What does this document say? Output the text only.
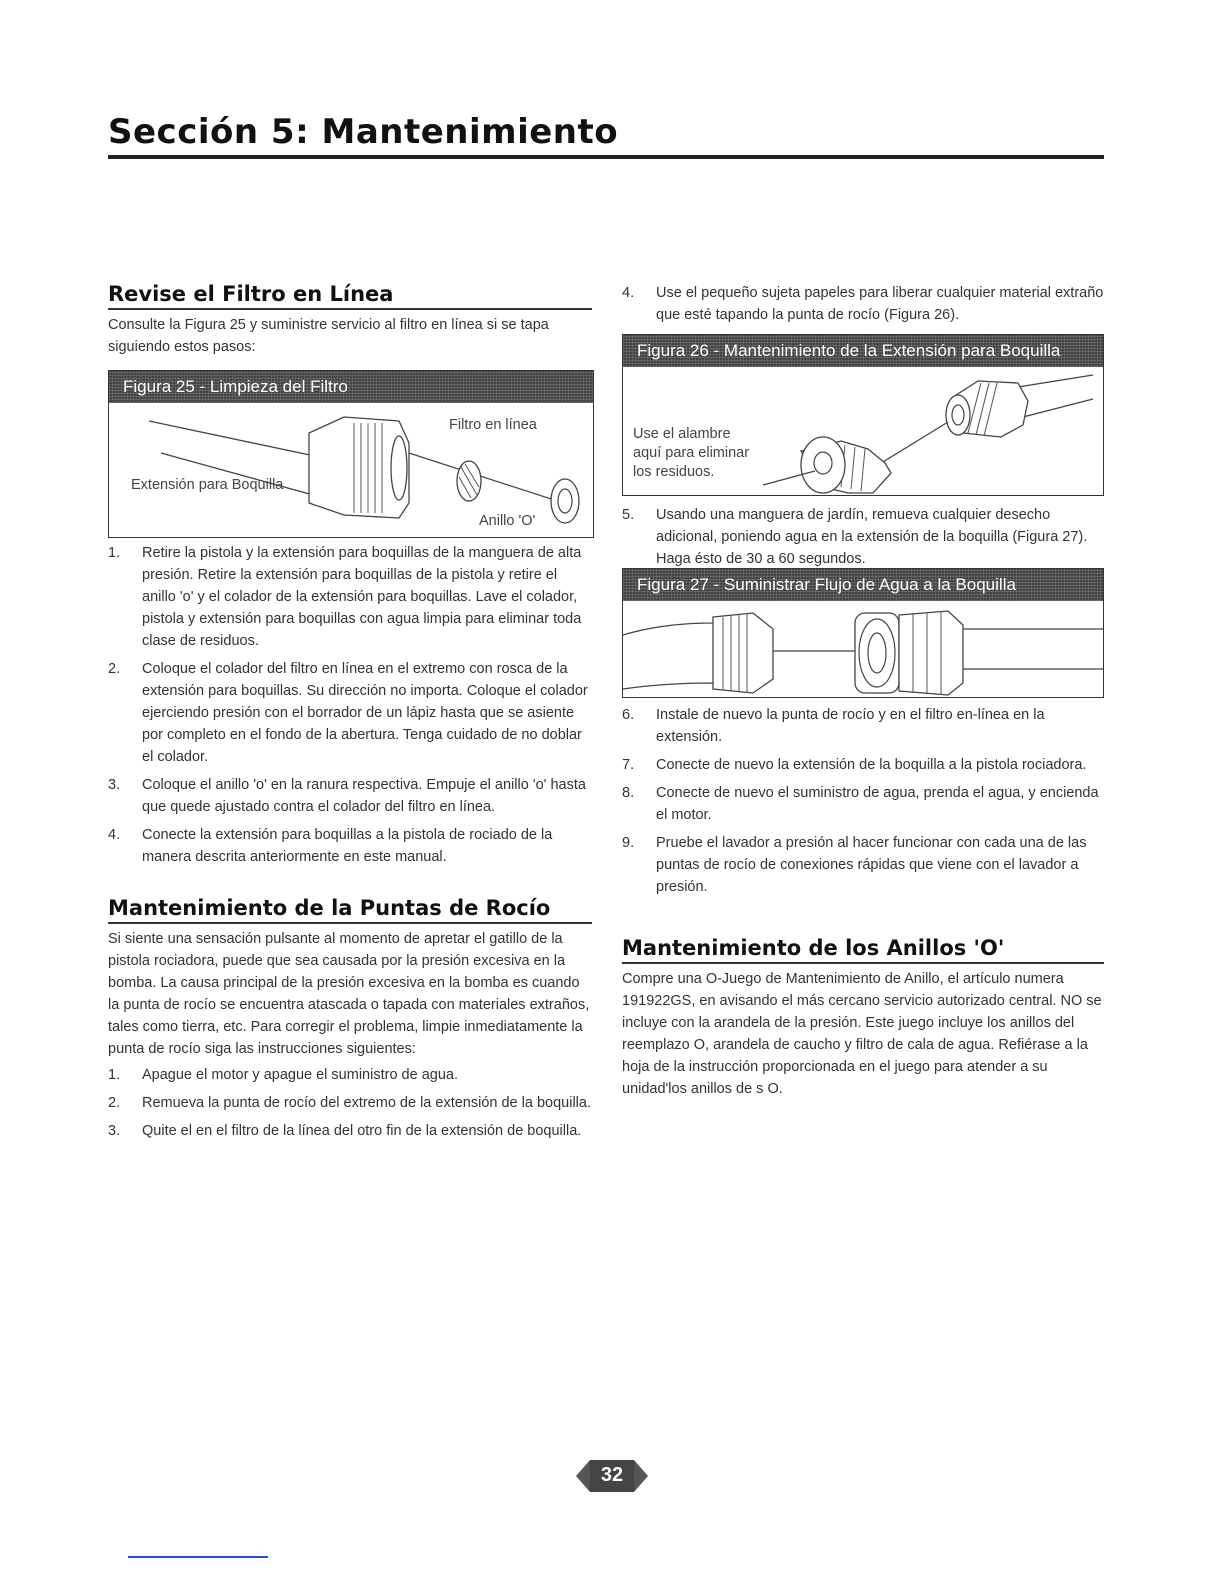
Sección 5: Mantenimiento
Revise el Filtro en Línea
Consulte la Figura 25 y suministre servicio al filtro en línea si se tapa siguiendo estos pasos:
Figura 25 - Limpieza del Filtro
Filtro en línea
Extensión para Boquilla
Anillo 'O'
1. Retire la pistola y la extensión para boquillas de la manguera de alta presión. Retire la extensión para boquillas de la pistola y retire el anillo 'o' y el colador de la extensión para boquillas. Lave el colador, pistola y extensión para boquillas con agua limpia para eliminar toda clase de residuos.
2. Coloque el colador del filtro en línea en el extremo con rosca de la extensión para boquillas. Su dirección no importa. Coloque el colador ejerciendo presión con el borrador de un lápiz hasta que se asiente por completo en el fondo de la abertura. Tenga cuidado de no doblar el colador.
3. Coloque el anillo 'o' en la ranura respectiva. Empuje el anillo 'o' hasta que quede ajustado contra el colador del filtro en línea.
4. Conecte la extensión para boquillas a la pistola de rociado de la manera descrita anteriormente en este manual.
Mantenimiento de la Puntas de Rocío
Si siente una sensación pulsante al momento de apretar el gatillo de la pistola rociadora, puede que sea causada por la presión excesiva en la bomba. La causa principal de la presión excesiva en la bomba es cuando la punta de rocío se encuentra atascada o tapada con materiales extraños, tales como tierra, etc. Para corregir el problema, limpie inmediatamente la punta de rocío siga las instrucciones siguientes:
1. Apague el motor y apague el suministro de agua.
2. Remueva la punta de rocío del extremo de la extensión de la boquilla.
3. Quite el en el filtro de la línea del otro fin de la extensión de boquilla.
4. Use el pequeño sujeta papeles para liberar cualquier material extraño que esté tapando la punta de rocío (Figura 26).
Figura 26 - Mantenimiento de la Extensión para Boquilla
Use el alambre
aquí para eliminar
los residuos.
5. Usando una manguera de jardín, remueva cualquier desecho adicional, poniendo agua en la extensión de la boquilla (Figura 27). Haga ésto de 30 a 60 segundos.
Figura 27 - Suministrar Flujo de Agua a la Boquilla
6. Instale de nuevo la punta de rocío y en el filtro en-línea en la extensión.
7. Conecte de nuevo la extensión de la boquilla a la pistola rociadora.
8. Conecte de nuevo el suministro de agua, prenda el agua, y encienda el motor.
9. Pruebe el lavador a presión al hacer funcionar con cada una de las puntas de rocío de conexiones rápidas que viene con el lavador a presión.
Mantenimiento de los Anillos 'O'
Compre una O-Juego de Mantenimiento de Anillo, el artículo numera 191922GS, en avisando el más cercano servicio autorizado central. NO se incluye con la arandela de la presión. Este juego incluye los anillos del reemplazo O, arandela de caucho y filtro de cala de agua. Refiérase a la hoja de la instrucción proporcionada en el juego para atender a su unidad'los anillos de s O.
32
